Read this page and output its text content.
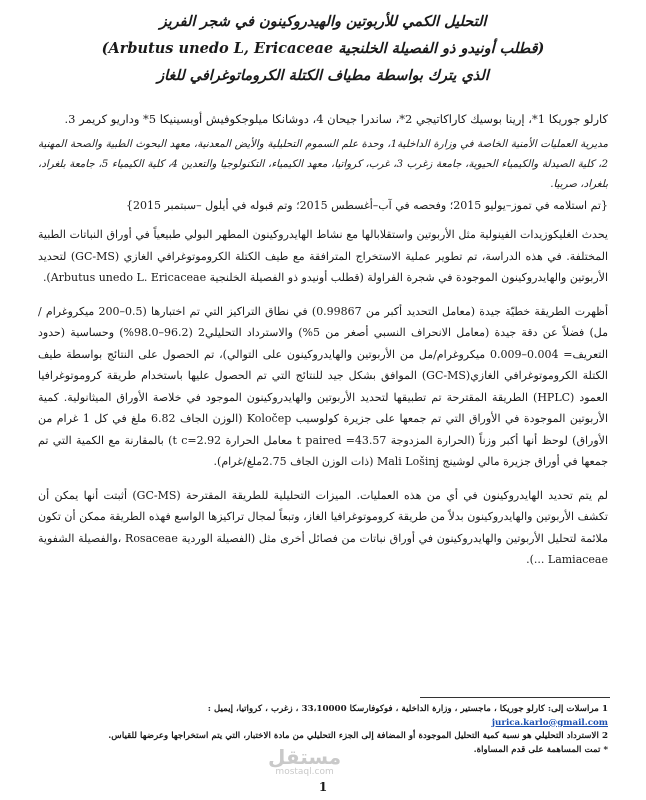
التحليل الكمي للأربوتين والهيدروكينون في شجر الفريز
(قطلب أونيدو ذو الفصيلة الخلنجية Arbutus unedo L, Ericaceae)
الذي يترك بواسطة مطياف الكتلة الكروماتوغرافي للغاز
كارلو جوريكا 1*، إرينا بوسيك كاراكاتيجي 2*، ساندرا جيحان 4، دوشانكا ميلوجكوفيش أوبسينيكا 5* وداريو كريمر 3.
مديرية العمليات الأمنية الخاصة في وزارة الداخلية1، وحدة علم السموم التحليلية والأيض المعدنية، معهد البحوث الطبية والصحة المهنية 2، كلية الصيدلة والكيمياء الحيوية، جامعة زغرب 3، غرب، كرواتيا، معهد الكيمياء، التكنولوجيا والتعدين 4، كلية الكيمياء 5، جامعة بلغراد، بلغراد، صربيا.
{تم استلامه في تموز–يوليو 2015؛ وفحصه في آب–أغسطس 2015؛ وتم قبوله في أيلول –سبتمبر 2015}
يحدث الغليكوزيدات الفينولية مثل الأربوتين واستقلابالها مع نشاط الهايدروكينون المطهر البولي طبيعياً في أوراق النباتات الطبية المختلفة. في هذه الدراسة، تم تطوير عملية الاستخراج المترافقة مع طيف الكتلة الكروموتوغرافي الغازي (GC-MS) لتحديد الأربوتين والهايدروكينون الموجودة في شجرة الفراولة (قطلب أونيدو ذو الفصيلة الخلنجية Arbutus unedo L. Ericaceae).
أظهرت الطريقة خطيّة جيدة (معامل التحديد أكبر من 0.99867) في نطاق التراكيز التي تم اختبارها (0.5–200 ميكروغرام /مل) فضلاً عن دقة جيدة (معامل الانحراف النسبي أصغر من 5%) والاسترداد التحليلي2 (96.2–98.0%) وحساسية (حدود التعريف= 0.004–0.009 ميكروغرام/مل من الأربوتين والهايدروكينون على التوالي)، تم الحصول على النتائج بواسطة طيف الكتلة الكروموتوغرافي الغازي(GC-MS) الموافق بشكل جيد للنتائج التي تم الحصول عليها باستخدام طريقة كروموتوغرافيا العمود (HPLC) الطريقة المقترحة تم تطبيقها لتحديد الأربوتين والهايدروكينون الموجود في خلاصة الأوراق الميثانولية. كمية الأربوتين الموجودة في الأوراق التي تم جمعها على جزيرة كولوسيب Koločep (الوزن الجاف 6.82 ملغ في كل 1 غرام من الأوراق) لوحظ أنها أكبر وزناً (الحرارة المزدوجة t paired =43.57 معامل الحرارة t c=2.92) بالمقارنة مع الكمية التي تم جمعها في أوراق جزيرة مالي لوشينج Mali Lošinj (ذات الوزن الجاف 2.75ملغ/غرام).
لم يتم تحديد الهايدروكينون في أي من هذه العمليات. الميزات التحليلية للطريقة المقترحة (GC-MS) أثبتت أنها يمكن أن تكشف الأربوتين والهايدروكينون بدلاً من طريقة كروموتوغرافيا الغاز، وتبعاً لمجال تراكيزها الواسع فهذه الطريقة ممكن أن تكون ملائمة لتحليل الأربوتين والهايدروكينون في أوراق نباتات من فصائل أخرى مثل (الفصيلة الوردية Rosaceae ،والفصيلة الشفوية Lamiaceae ...).
1 مراسلات إلى: كارلو جوريكا ، ماجستير ، وزارة الداخلية ، فوكوفارسكا 33،10000 ، زغرب ، كرواتيا، إيميل :
jurica.karlo@gmail.com
2 الاسترداد التحليلي هو نسبة كمية التحليل الموجودة أو المضافة إلى الجزء التحليلي من مادة الاختبار، التي يتم استخراجها وعرضها للقياس.
* تمت المساهمة على قدم المساواة.
مستقل
mostaql.com
1
